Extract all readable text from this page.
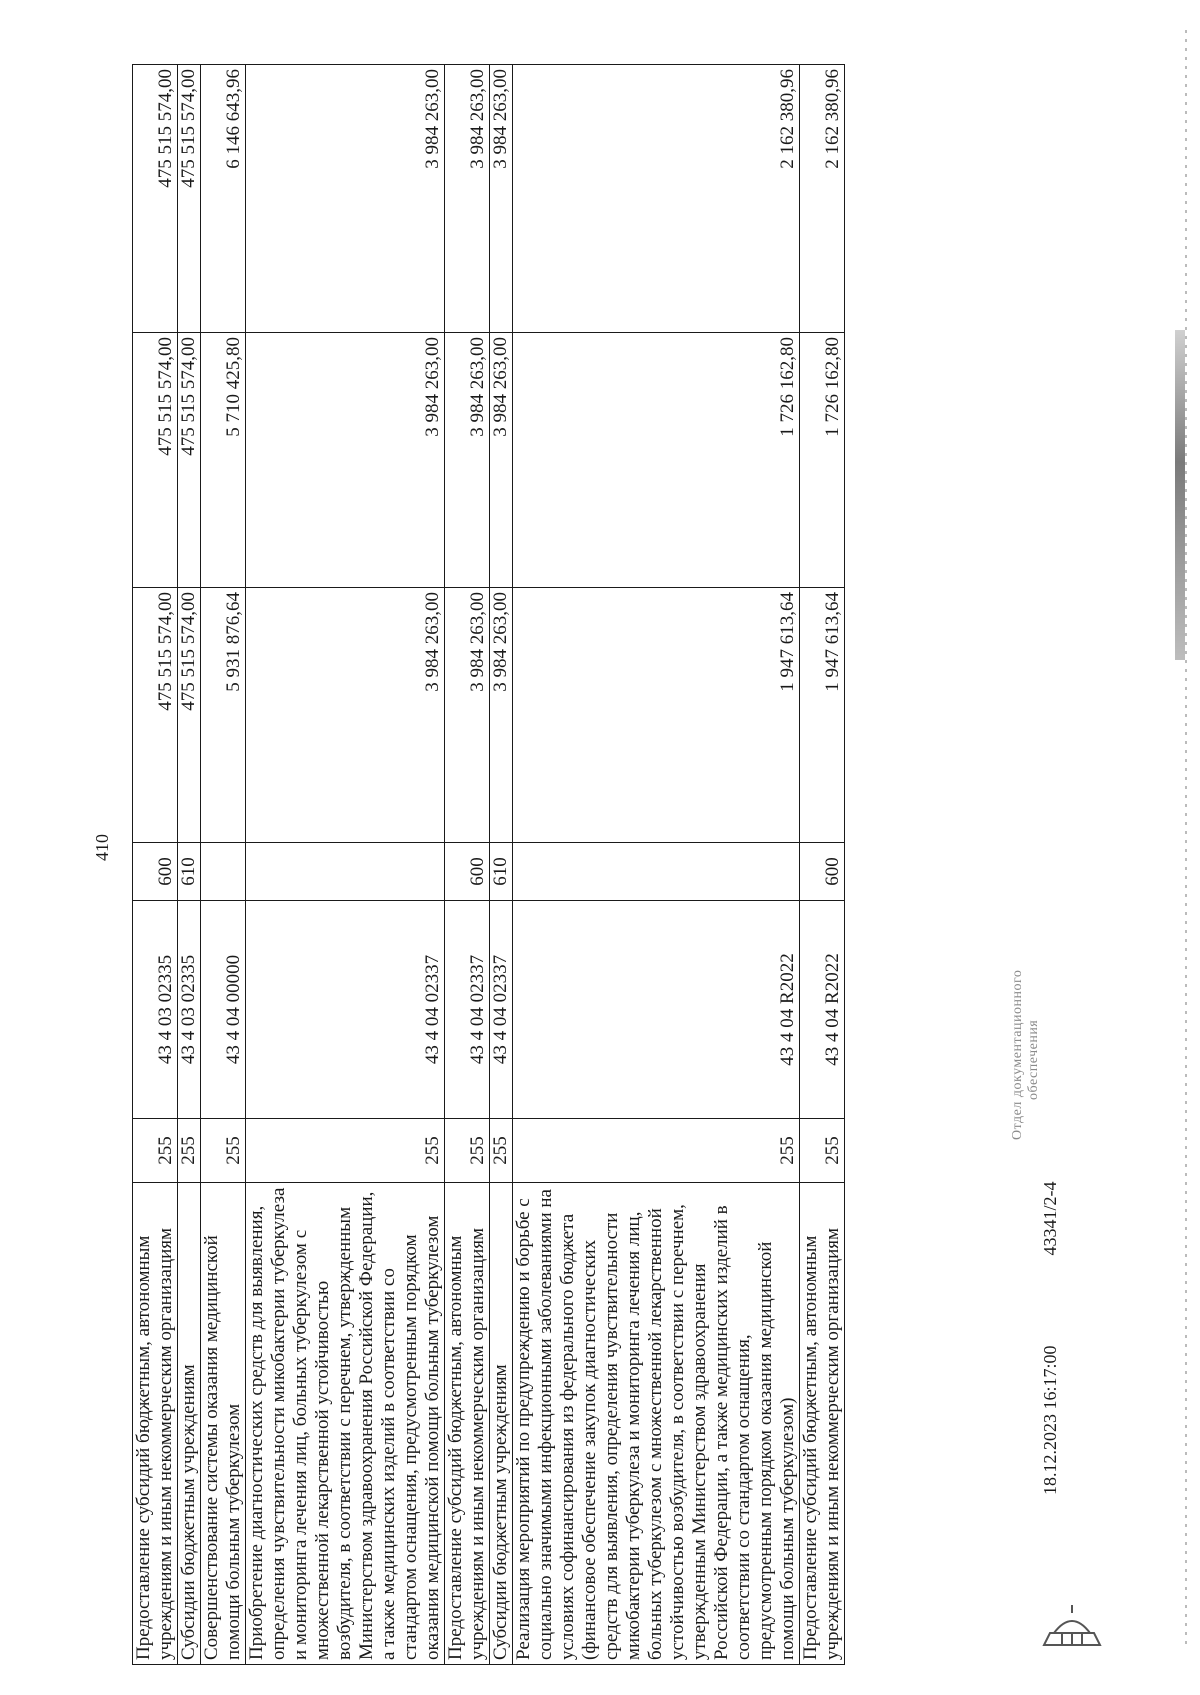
410
Предоставление субсидий бюджетным, автономным учреждениям и иным некоммерческим организациям	255	43 4 03 02335	600	475 515 574,00	475 515 574,00	475 515 574,00
Субсидии бюджетным учреждениям	255	43 4 03 02335	610	475 515 574,00	475 515 574,00	475 515 574,00
Совершенствование системы оказания медицинской помощи больным туберкулезом	255	43 4 04 00000		5 931 876,64	5 710 425,80	6 146 643,96
Приобретение диагностических средств для выявления, определения чувствительности микобактерии туберкулеза и мониторинга лечения лиц, больных туберкулезом с множественной лекарственной устойчивостью возбудителя, в соответствии с перечнем, утвержденным Министерством здравоохранения Российской Федерации, а также медицинских изделий в соответствии со стандартом оснащения, предусмотренным порядком оказания медицинской помощи больным туберкулезом	255	43 4 04 02337		3 984 263,00	3 984 263,00	3 984 263,00
Предоставление субсидий бюджетным, автономным учреждениям и иным некоммерческим организациям	255	43 4 04 02337	600	3 984 263,00	3 984 263,00	3 984 263,00
Субсидии бюджетным учреждениям	255	43 4 04 02337	610	3 984 263,00	3 984 263,00	3 984 263,00
Реализация мероприятий по предупреждению и борьбе с социально значимыми инфекционными заболеваниями на условиях софинансирования из федерального бюджета (финансовое обеспечение закупок диагностических средств для выявления, определения чувствительности микобактерии туберкулеза и мониторинга лечения лиц, больных туберкулезом с множественной лекарственной устойчивостью возбудителя, в соответствии с перечнем, утвержденным Министерством здравоохранения Российской Федерации, а также медицинских изделий в соответствии со стандартом оснащения, предусмотренным порядком оказания медицинской помощи больным туберкулезом)	255	43 4 04 R2022		1 947 613,64	1 726 162,80	2 162 380,96
Предоставление субсидий бюджетным, автономным учреждениям и иным некоммерческим организациям	255	43 4 04 R2022	600	1 947 613,64	1 726 162,80	2 162 380,96
Отдел документационного обеспечения
18.12.2023 16:17:00
43341/2-4
